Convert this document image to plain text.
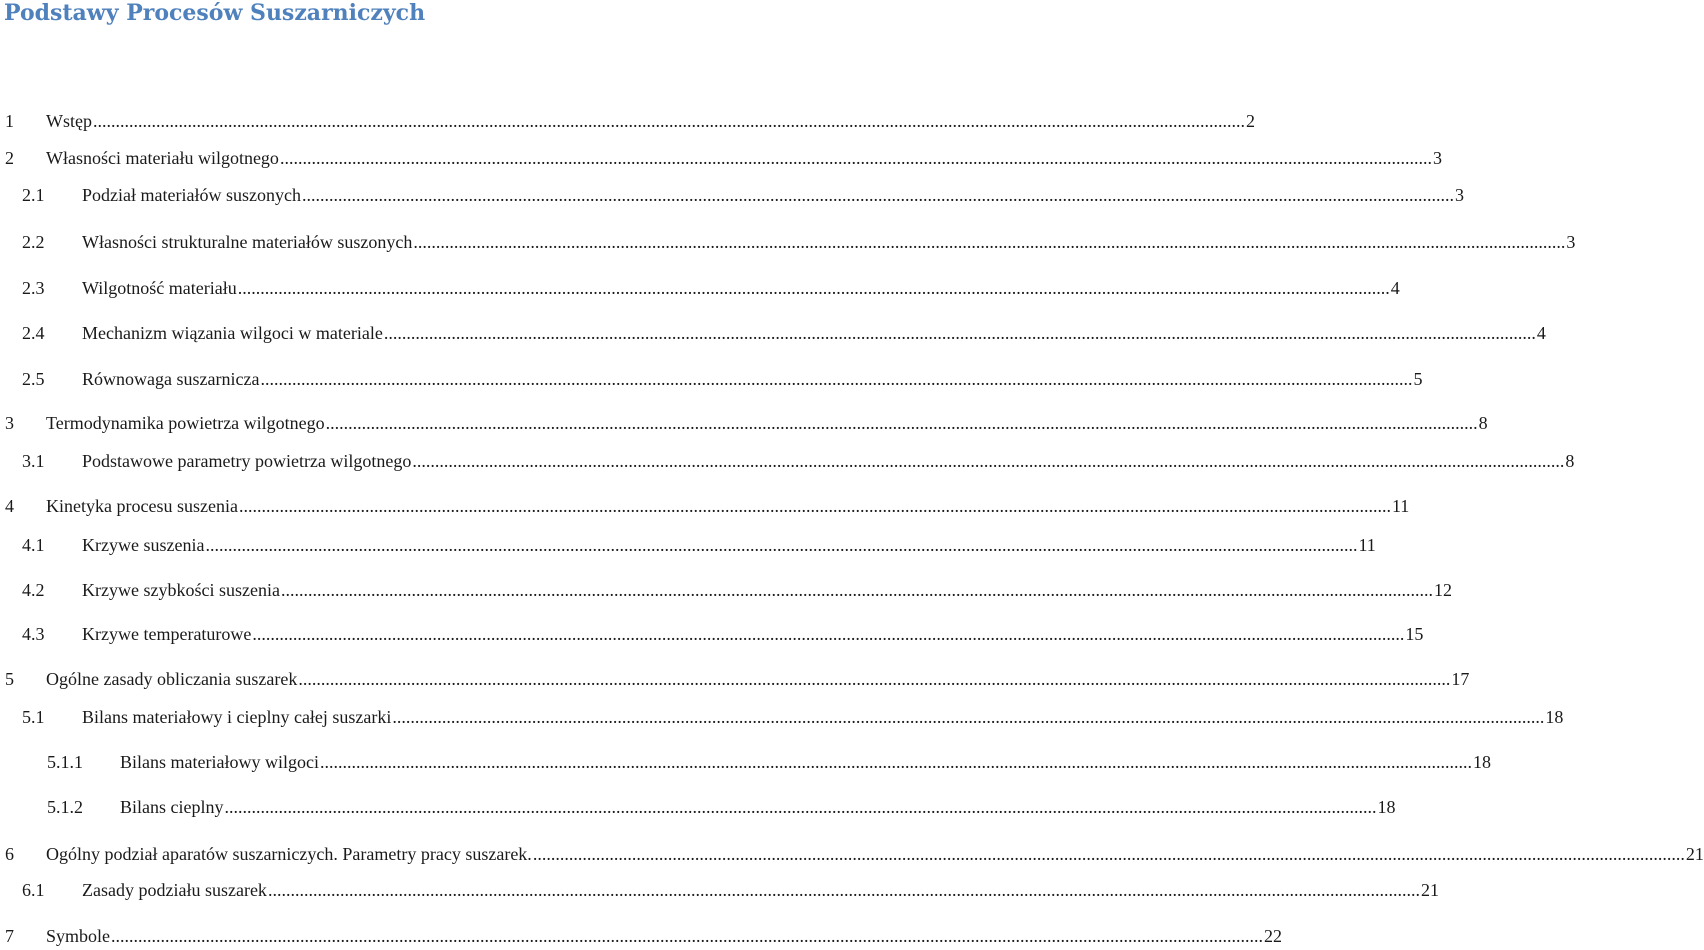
Podstawy Procesów Suszarniczych
1	Wstęp .....	2
2	Własności materiału wilgotnego .....	3
2.1	Podział materiałów suszonych .....	3
2.2	Własności strukturalne materiałów suszonych .....	3
2.3	Wilgotność materiału .....	4
2.4	Mechanizm wiązania wilgoci w materiale .....	4
2.5	Równowaga suszarnicza .....	5
3	Termodynamika powietrza wilgotnego .....	8
3.1	Podstawowe parametry powietrza wilgotnego .....	8
4	Kinetyka procesu suszenia .....	11
4.1	Krzywe suszenia .....	11
4.2	Krzywe szybkości suszenia .....	12
4.3	Krzywe temperaturowe .....	15
5	Ogólne zasady obliczania suszarek .....	17
5.1	Bilans materiałowy i cieplny całej suszarki .....	18
5.1.1	Bilans materiałowy wilgoci .....	18
5.1.2	Bilans cieplny .....	18
6	Ogólny podział aparatów suszarniczych. Parametry pracy suszarek. .....	21
6.1	Zasady podziału suszarek .....	21
7	Symbole .....	22
